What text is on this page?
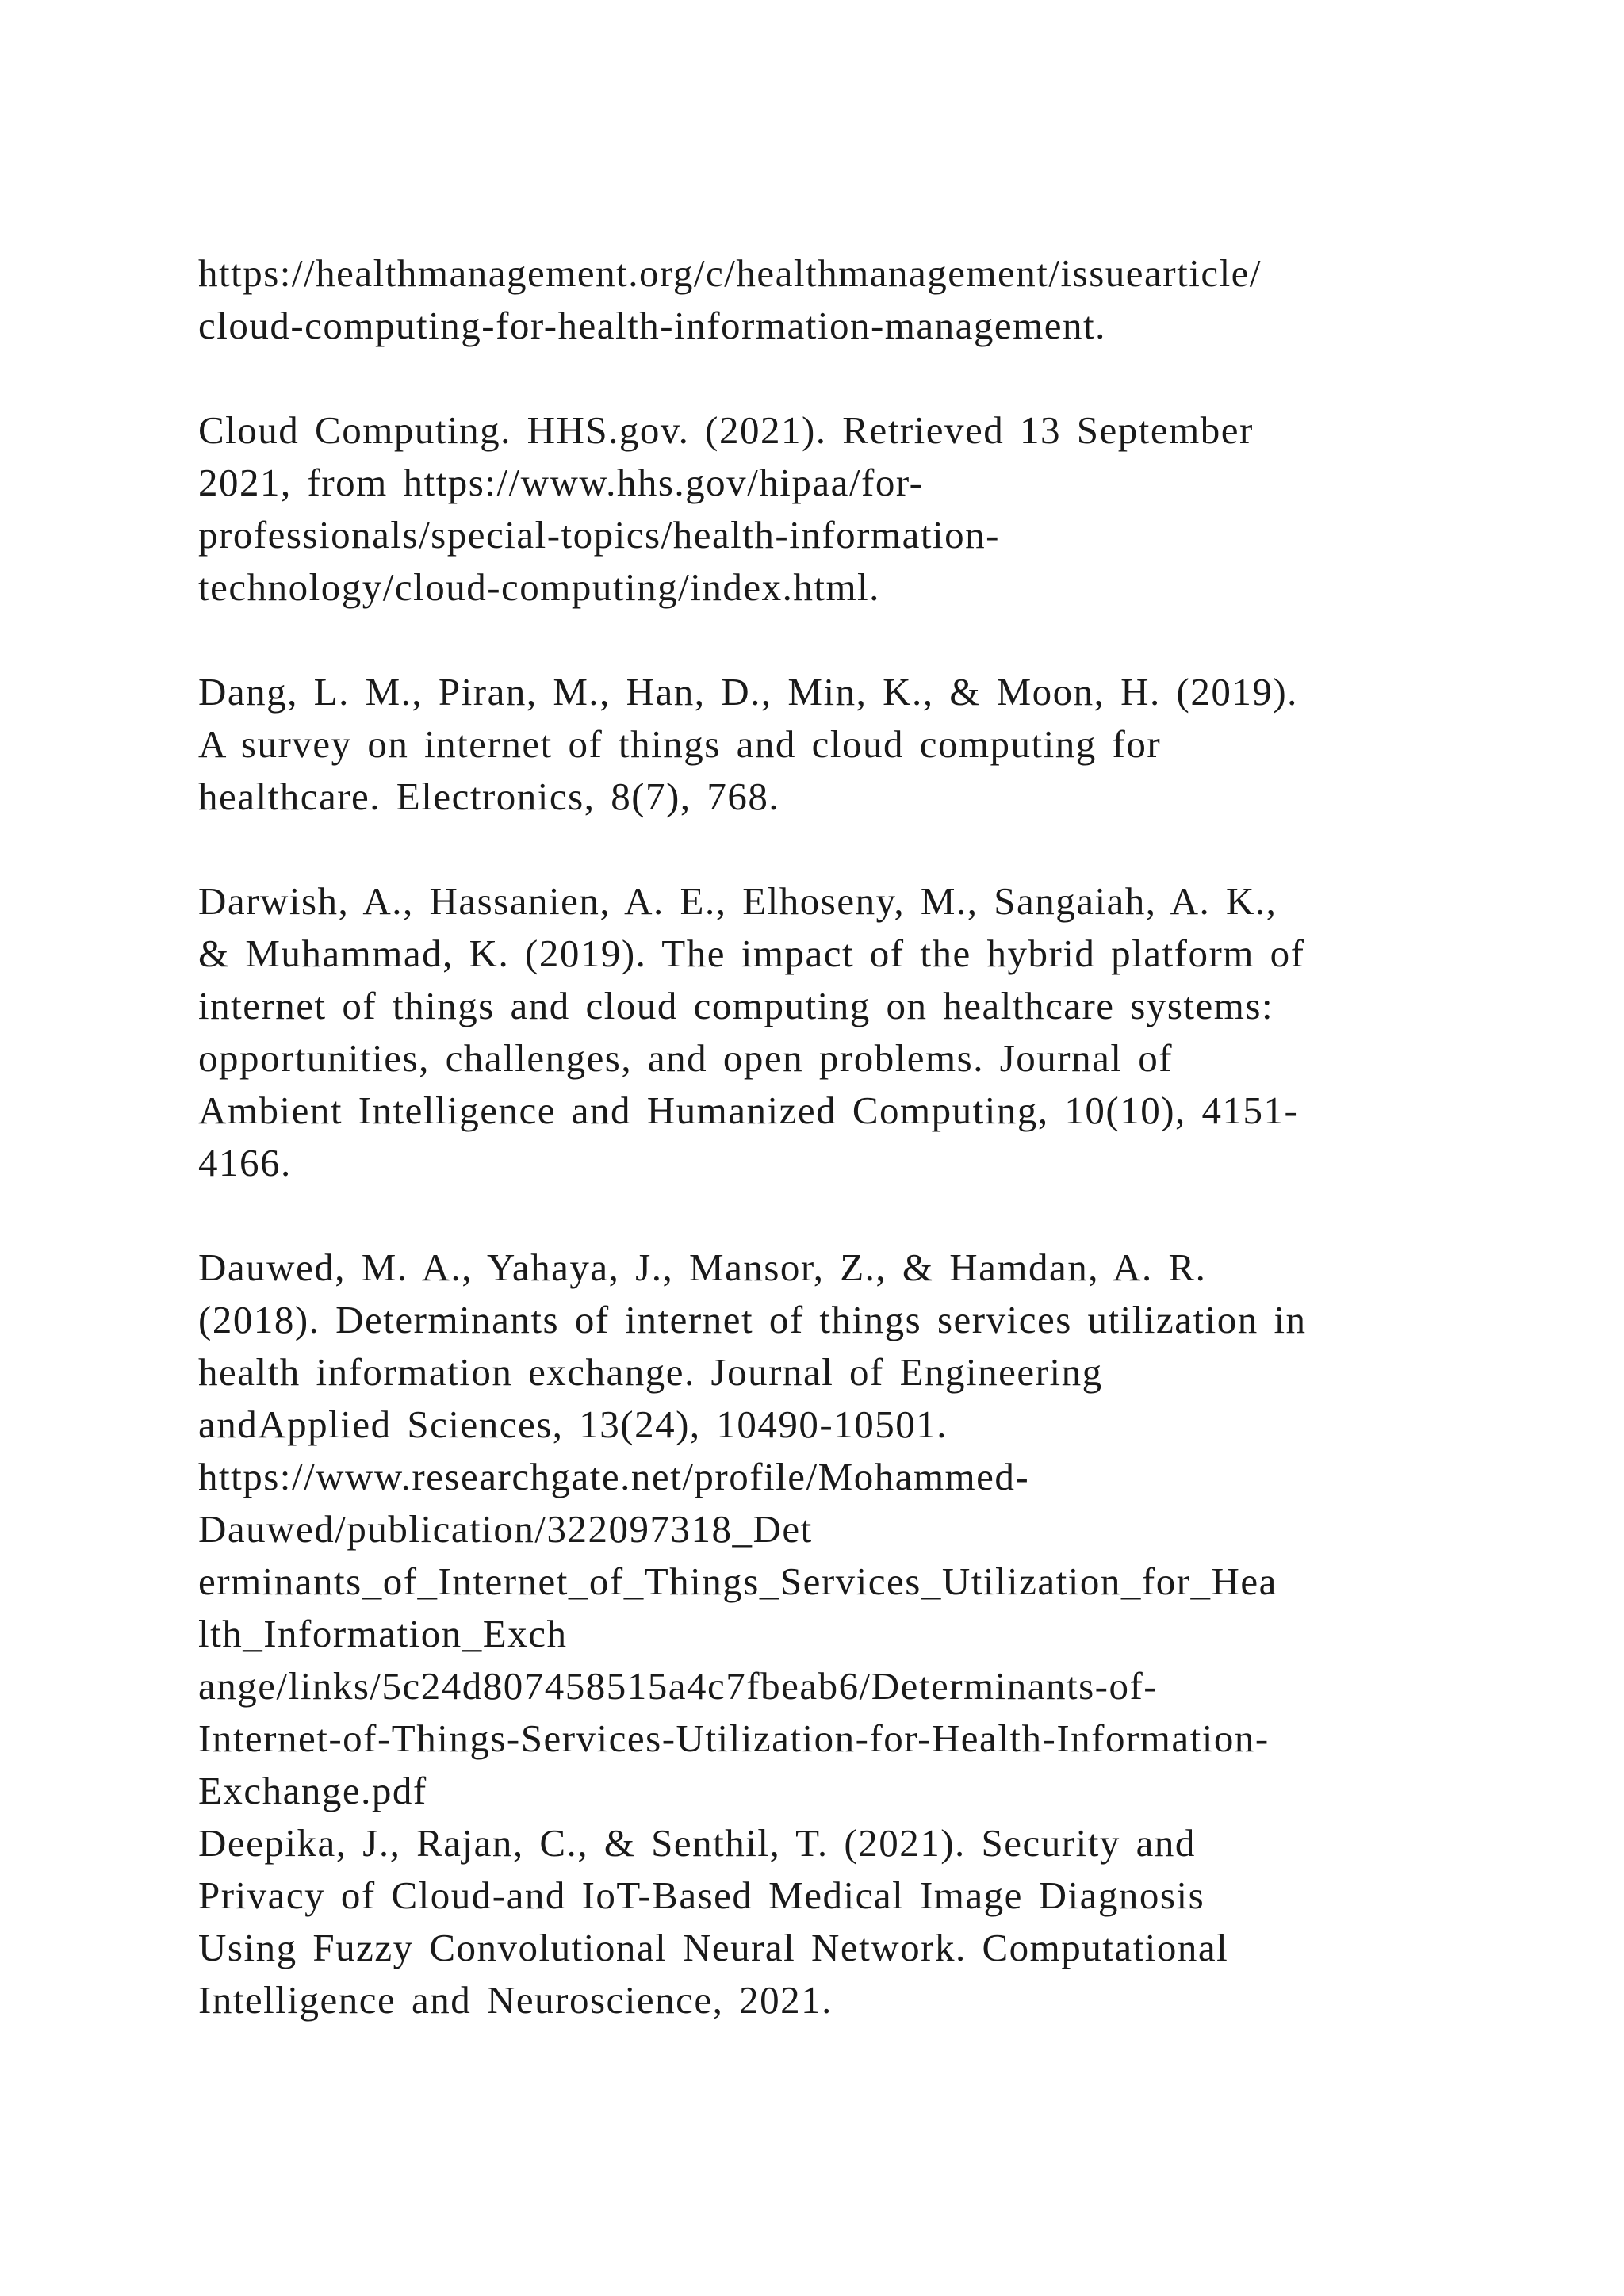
https://healthmanagement.org/c/healthmanagement/issuearticle/
cloud-computing-for-health-information-management.
Cloud Computing. HHS.gov. (2021). Retrieved 13 September
2021, from https://www.hhs.gov/hipaa/for-
professionals/special-topics/health-information-
technology/cloud-computing/index.html.
Dang, L. M., Piran, M., Han, D., Min, K., & Moon, H. (2019).
A survey on internet of things and cloud computing for
healthcare. Electronics, 8(7), 768.
Darwish, A., Hassanien, A. E., Elhoseny, M., Sangaiah, A. K.,
& Muhammad, K. (2019). The impact of the hybrid platform of
internet of things and cloud computing on healthcare systems:
opportunities, challenges, and open problems. Journal of
Ambient Intelligence and Humanized Computing, 10(10), 4151-
4166.
Dauwed, M. A., Yahaya, J., Mansor, Z., & Hamdan, A. R.
(2018). Determinants of internet of things services utilization in
health information exchange. Journal of Engineering
andApplied Sciences, 13(24), 10490-10501.
https://www.researchgate.net/profile/Mohammed-
Dauwed/publication/322097318_Det
erminants_of_Internet_of_Things_Services_Utilization_for_Hea
lth_Information_Exch
ange/links/5c24d807458515a4c7fbeab6/Determinants-of-
Internet-of-Things-Services-Utilization-for-Health-Information-
Exchange.pdf
Deepika, J., Rajan, C., & Senthil, T. (2021). Security and
Privacy of Cloud-and IoT-Based Medical Image Diagnosis
Using Fuzzy Convolutional Neural Network. Computational
Intelligence and Neuroscience, 2021.
